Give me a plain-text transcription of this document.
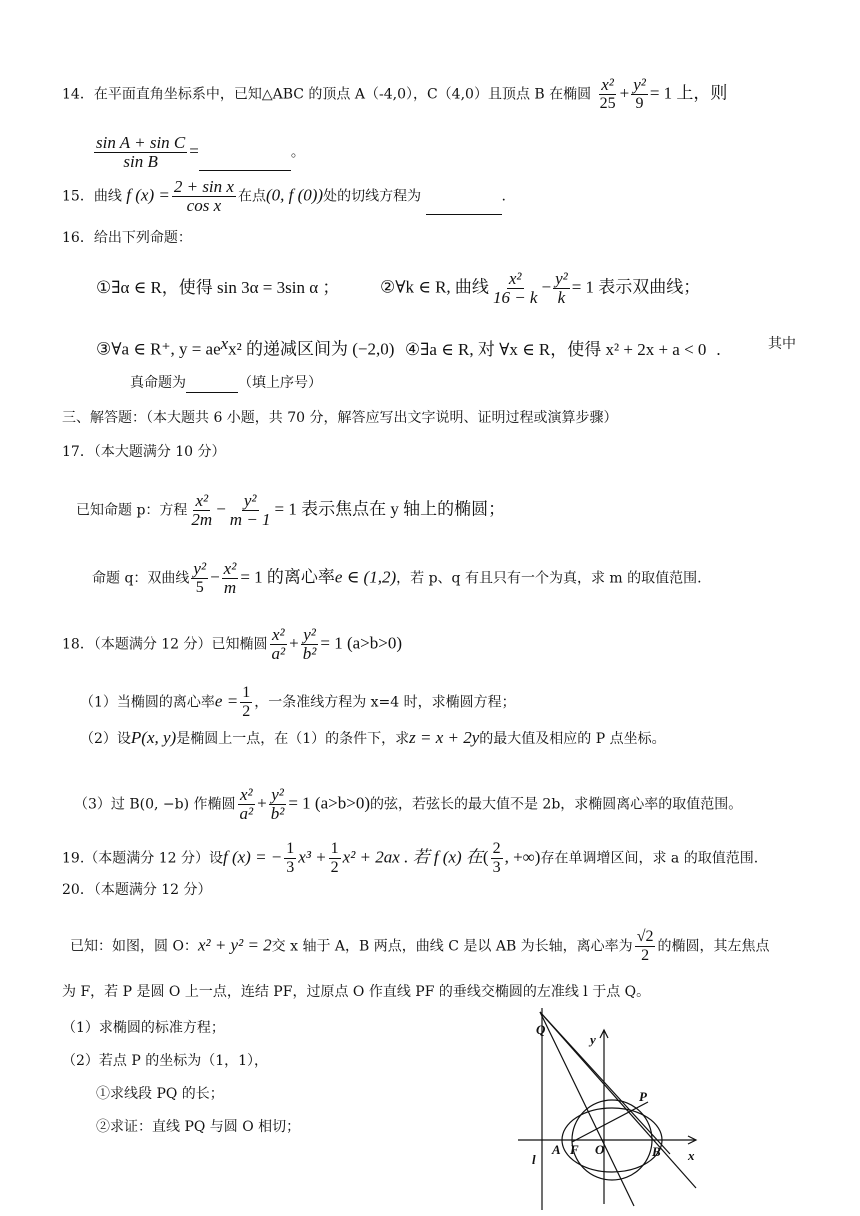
14．在平面直角坐标系中，已知△ABC 的顶点 A（-4,0），C（4,0）且顶点 B 在椭圆 $\frac{\text{x²}}{25} + \frac{\text{y²}}{9} = 1$ 上，则
$\frac{\text{sin A + sin C}}{\text{sin B}}$ =	。
15．曲线 f $(x) = \frac{\text{2 + sin x}}{\text{cos x}}$ 在点(0, f (0))处的切线方程为	.
16．给出下列命题：
①∃α ∈ R，使得 sin 3α = 3sin α ； ②∀k ∈ R, 曲线 $\frac{\text{x²}}{16 - k} - \frac{\text{y²}}{k} = 1$ 表示双曲线；
③∀a ∈ R⁺, $y = ae^xx^2$ 的递减区间为 (−2,0) ④∃a ∈ R, 对 ∀x ∈ R，使得 x² + 2x + a < 0 .	其中
真命题为	（填上序号）
三、解答题：（本大题共 6 小题，共 70 分，解答应写出文字说明、证明过程或演算步骤）
17．（本大题满分 10 分）
已知命题 p：方程 $\frac{\text{x²}}{2m} - \frac{\text{y²}}{m - 1} = 1$ 表示焦点在 y 轴上的椭圆；
命题 q：双曲线 $\frac{\text{y²}}{5} - \frac{\text{x²}}{m} = 1$ 的离心率e ∈ (1,2)，若 p、q 有且只有一个为真，求 m 的取值范围.
18．（本题满分 12 分）已知椭圆 $\frac{\text{x²}}{\text{a²}} + \frac{\text{y²}}{\text{b²}} = 1$ (a>b>0)
（1）当椭圆的离心率$e = \frac{1}{2}$ ，一条准线方程为 x=4 时，求椭圆方程；
（2）设P(x, y)是椭圆上一点，在（1）的条件下，求z = x + 2y的最大值及相应的 P 点坐标。
（3）过 B(0, −b) 作椭圆 $\frac{\text{x²}}{\text{a²}} + \frac{\text{y²}}{\text{b²}} = 1$ (a>b>0)的弦，若弦长的最大值不是 2b，求椭圆离心率的取值范围。
19.（本题满分 12 分）设f (x) = − $\frac{1}{3} x^3 + \frac{1}{2} x^2 + 2ax$ . 若 f (x) 在( $\frac{2}{3}$ , +∞)存在单调增区间，求 a 的取值范围.
20．（本题满分 12 分）
已知：如图，圆 O：x² + y² = 2交 x 轴于 A，B 两点，曲线 C 是以 AB 为长轴，离心率为 $\frac{√2}{2}$ 的椭圆，其左焦点
为 F，若 P 是圆 O 上一点，连结 PF，过原点 O 作直线 PF 的垂线交椭圆的左准线 l 于点 Q。
（1）求椭圆的标准方程；
（2）若点 P 的坐标为（1，1），
①求线段 PQ 的长；
②求证：直线 PQ 与圆 O 相切；
Q
P
y
x
A F O	B
l
